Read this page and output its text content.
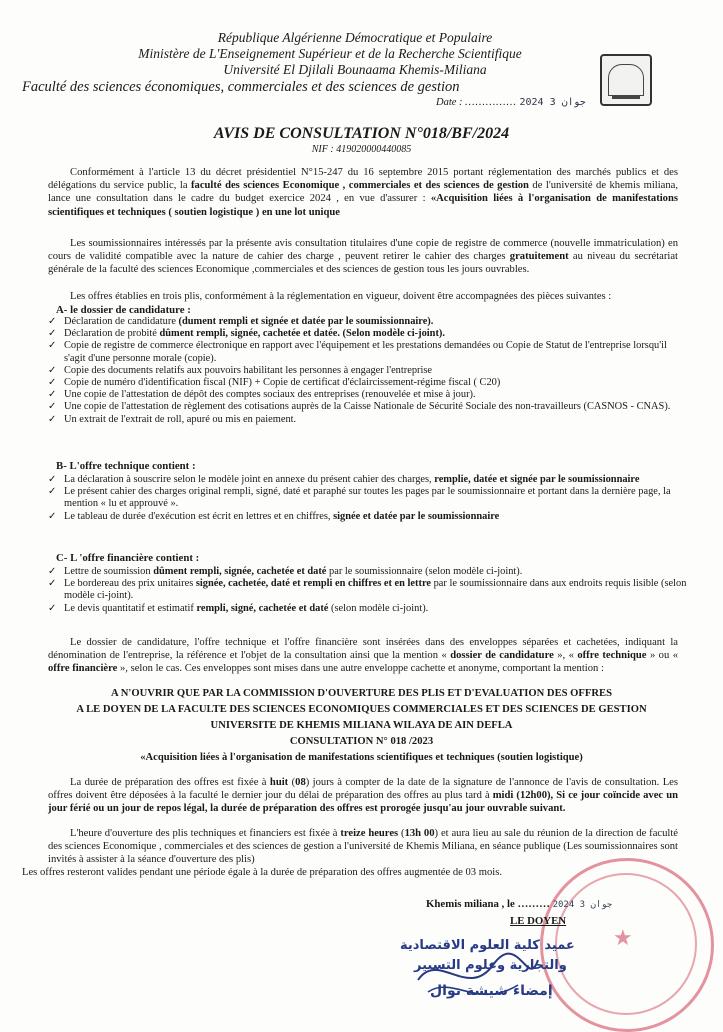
République Algérienne Démocratique et Populaire
Ministère de L'Enseignement Supérieur et de la Recherche Scientifique
Université El Djilali Bounaama Khemis-Miliana
Faculté des sciences économiques, commerciales et des sciences de gestion
Date : …………… 2024 جوان 3
AVIS DE CONSULTATION N°018/BF/2024
NIF : 419020000440085
Conformément à l'article 13 du décret présidentiel N°15-247 du 16 septembre 2015 portant réglementation des marchés publics et des délégations du service public, la faculté des sciences Economique , commerciales et des sciences de gestion de l'université de khemis miliana, lance une consultation dans le cadre du budget exercice 2024 , en vue d'assurer : «Acquisition liées à l'organisation de manifestations scientifiques et techniques ( soutien logistique ) en une lot unique
Les soumissionnaires intéressés par la présente avis consultation titulaires d'une copie de registre de commerce (nouvelle immatriculation) en cours de validité compatible avec la nature de cahier des charge , peuvent retirer le cahier des charges gratuitement au niveau du secrétariat générale de la faculté des sciences Economique ,commerciales et des sciences de gestion tous les jours ouvrables.
Les offres établies en trois plis, conformément à la réglementation en vigueur, doivent être accompagnées des pièces suivantes :
A- le dossier de candidature :
✓ Déclaration de candidature (dument rempli et signée et datée par le soumissionnaire).
✓ Déclaration de probité dûment rempli, signée, cachetée et datée. (Selon modèle ci-joint).
✓ Copie de registre de commerce électronique en rapport avec l'équipement et les prestations demandées ou Copie de Statut de l'entreprise lorsqu'il s'agit d'une personne morale (copie).
✓ Copie des documents relatifs aux pouvoirs habilitant les personnes à engager l'entreprise
✓ Copie de numéro d'identification fiscal (NIF) + Copie de certificat d'éclaircissement-régime fiscal ( C20)
✓ Une copie de l'attestation de dépôt des comptes sociaux des entreprises (renouvelée et mise à jour).
✓ Une copie de l'attestation de règlement des cotisations auprès de la Caisse Nationale de Sécurité Sociale des non-travailleurs (CASNOS - CNAS).
✓ Un extrait de l'extrait de roll, apuré ou mis en paiement.
B- L'offre technique contient :
✓ La déclaration à souscrire selon le modèle joint en annexe du présent cahier des charges, remplie, datée et signée par le soumissionnaire
✓ Le présent cahier des charges original rempli, signé, daté et paraphé sur toutes les pages par le soumissionnaire et portant dans la dernière page, la mention « lu et approuvé ».
✓ Le tableau de durée d'exécution est écrit en lettres et en chiffres, signée et datée par le soumissionnaire
C- L 'offre financière contient :
✓ Lettre de soumission dûment rempli, signée, cachetée et daté par le soumissionnaire (selon modèle ci-joint).
✓ Le bordereau des prix unitaires signée, cachetée, daté et rempli en chiffres et en lettre par le soumissionnaire dans aux endroits requis lisible (selon modèle ci-joint).
✓ Le devis quantitatif et estimatif rempli, signé, cachetée et daté (selon modèle ci-joint).
Le dossier de candidature, l'offre technique et l'offre financière sont insérées dans des enveloppes séparées et cachetées, indiquant la dénomination de l'entreprise, la référence et l'objet de la consultation ainsi que la mention « dossier de candidature », « offre technique » ou « offre financière », selon le cas. Ces enveloppes sont mises dans une autre enveloppe cachette et anonyme, comportant la mention :
A N'OUVRIR QUE PAR LA COMMISSION D'OUVERTURE DES PLIS ET D'EVALUATION DES OFFRES
A LE DOYEN DE LA FACULTE DES SCIENCES ECONOMIQUES COMMERCIALES ET DES SCIENCES DE GESTION
UNIVERSITE DE KHEMIS MILIANA WILAYA DE AIN DEFLA
CONSULTATION N° 018 /2023
«Acquisition liées à l'organisation de manifestations scientifiques et techniques (soutien logistique)
La durée de préparation des offres est fixée à huit (08) jours à compter de la date de la signature de l'annonce de l'avis de consultation. Les offres doivent être déposées à la faculté le dernier jour du délai de préparation des offres au plus tard à midi (12h00), Si ce jour coïncide avec un jour férié ou un jour de repos légal, la durée de préparation des offres est prorogée jusqu'au jour ouvrable suivant.
L'heure d'ouverture des plis techniques et financiers est fixée à treize heures (13h 00) et aura lieu au sale du réunion de la direction de faculté des sciences Economique , commerciales et des sciences de gestion a l'université de Khemis Miliana, en séance publique (Les soumissionnaires sont invités à assister à la séance d'ouverture des plis)
Les offres resteront valides pendant une période égale à la durée de préparation des offres augmentée de 03 mois.
★
Khemis miliana , le ……… 2024 جوان 3
LE DOYEN
عميد كلية العلوم الاقتصادية
والتجارية وعلوم التسيير
إمضاء شيشة نوال
